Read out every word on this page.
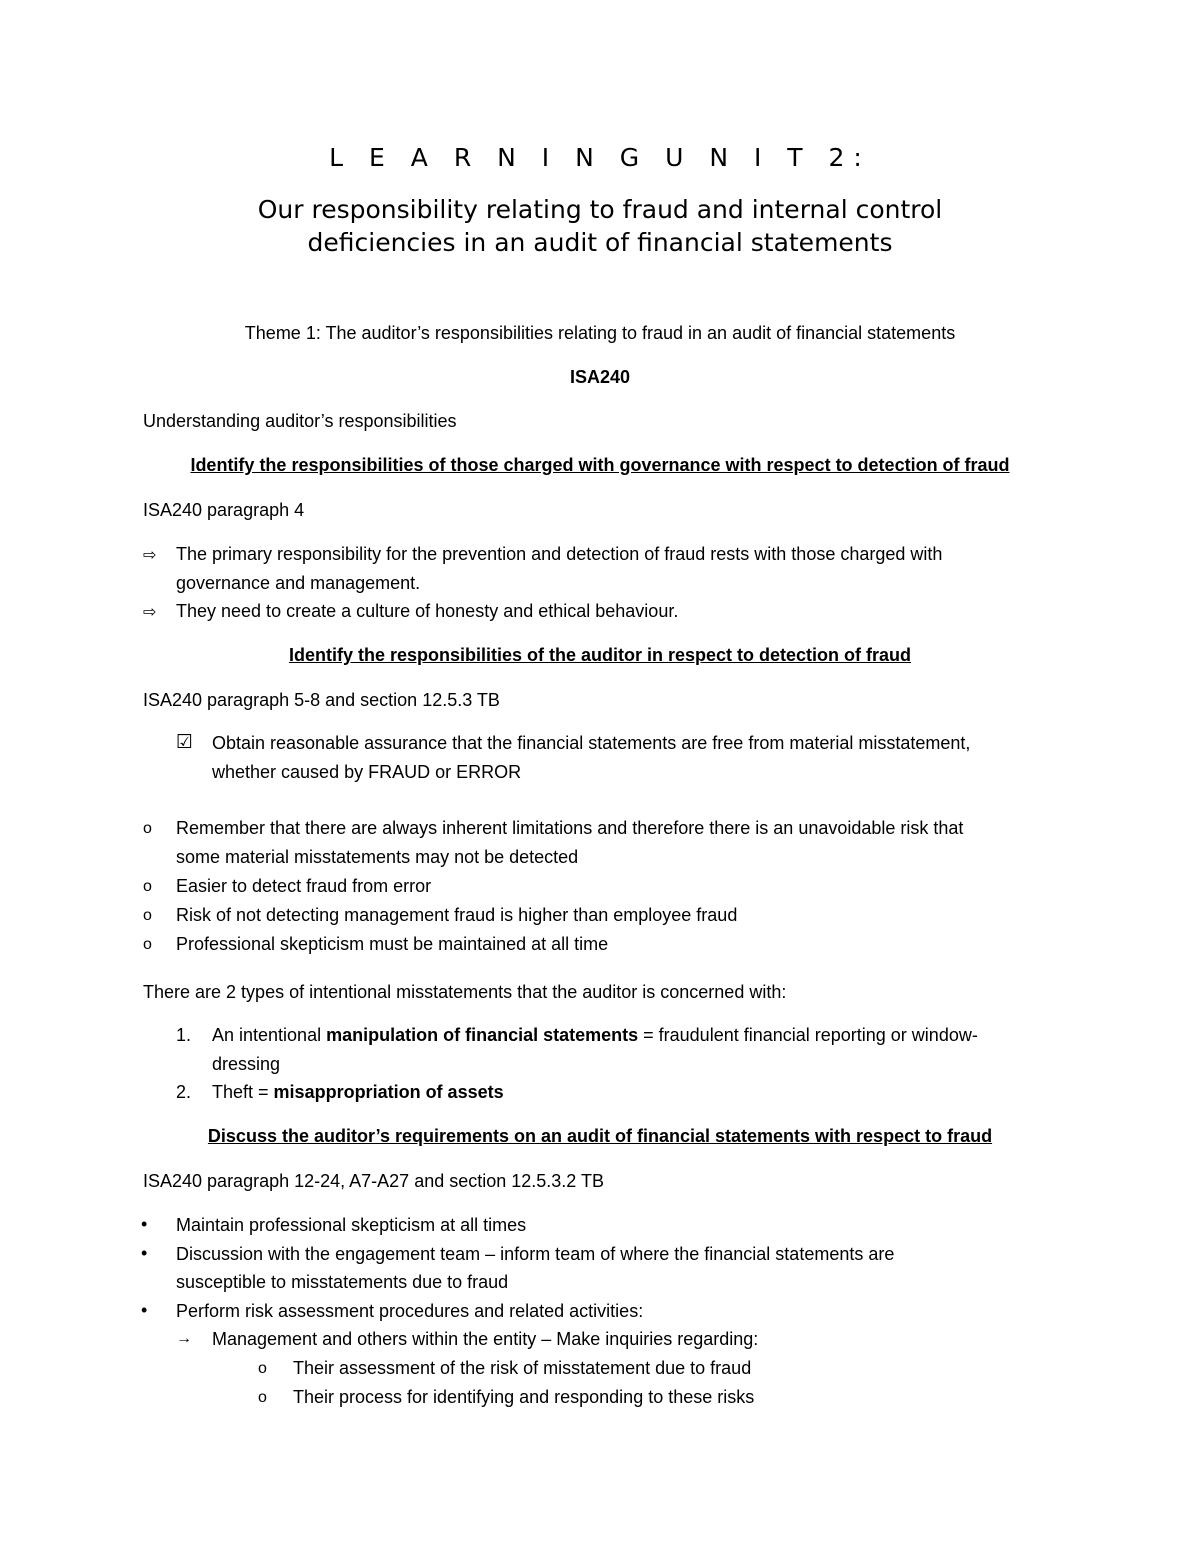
L E A R N I N G U N I T 2:
Our responsibility relating to fraud and internal control
deficiencies in an audit of financial statements
Theme 1: The auditor’s responsibilities relating to fraud in an audit of financial statements
ISA240
Understanding auditor’s responsibilities
Identify the responsibilities of those charged with governance with respect to detection of fraud
ISA240 paragraph 4
⇨ The primary responsibility for the prevention and detection of fraud rests with those charged with
governance and management.
⇨ They need to create a culture of honesty and ethical behaviour.
Identify the responsibilities of the auditor in respect to detection of fraud
ISA240 paragraph 5-8 and section 12.5.3 TB
☑ Obtain reasonable assurance that the financial statements are free from material misstatement,
whether caused by FRAUD or ERROR
o Remember that there are always inherent limitations and therefore there is an unavoidable risk that
some material misstatements may not be detected
o Easier to detect fraud from error
o Risk of not detecting management fraud is higher than employee fraud
o Professional skepticism must be maintained at all time
There are 2 types of intentional misstatements that the auditor is concerned with:
1. An intentional manipulation of financial statements = fraudulent financial reporting or window-
dressing
2. Theft = misappropriation of assets
Discuss the auditor’s requirements on an audit of financial statements with respect to fraud
ISA240 paragraph 12-24, A7-A27 and section 12.5.3.2 TB
• Maintain professional skepticism at all times
• Discussion with the engagement team – inform team of where the financial statements are
susceptible to misstatements due to fraud
• Perform risk assessment procedures and related activities:
→ Management and others within the entity – Make inquiries regarding:
o Their assessment of the risk of misstatement due to fraud
o Their process for identifying and responding to these risks
